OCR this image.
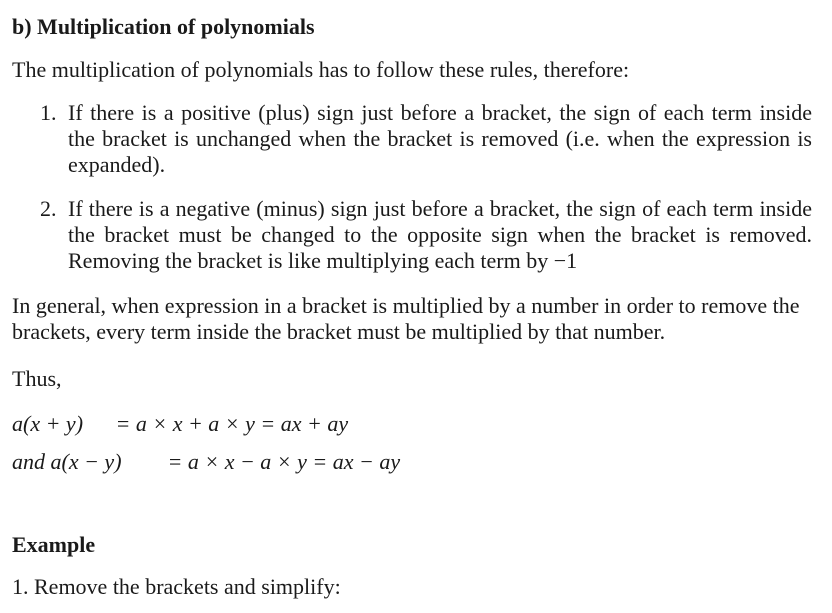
b) Multiplication of polynomials
The multiplication of polynomials has to follow these rules, therefore:
1. If there is a positive (plus) sign just before a bracket, the sign of each term inside the bracket is unchanged when the bracket is removed (i.e. when the expression is expanded).
2. If there is a negative (minus) sign just before a bracket, the sign of each term inside the bracket must be changed to the opposite sign when the bracket is removed. Removing the bracket is like multiplying each term by −1
In general, when expression in a bracket is multiplied by a number in order to remove the brackets, every term inside the bracket must be multiplied by that number.
Thus,
a(x + y) = a × x + a × y = ax + ay
and a(x − y) = a × x − a × y = ax − ay
Example
1. Remove the brackets and simplify:
